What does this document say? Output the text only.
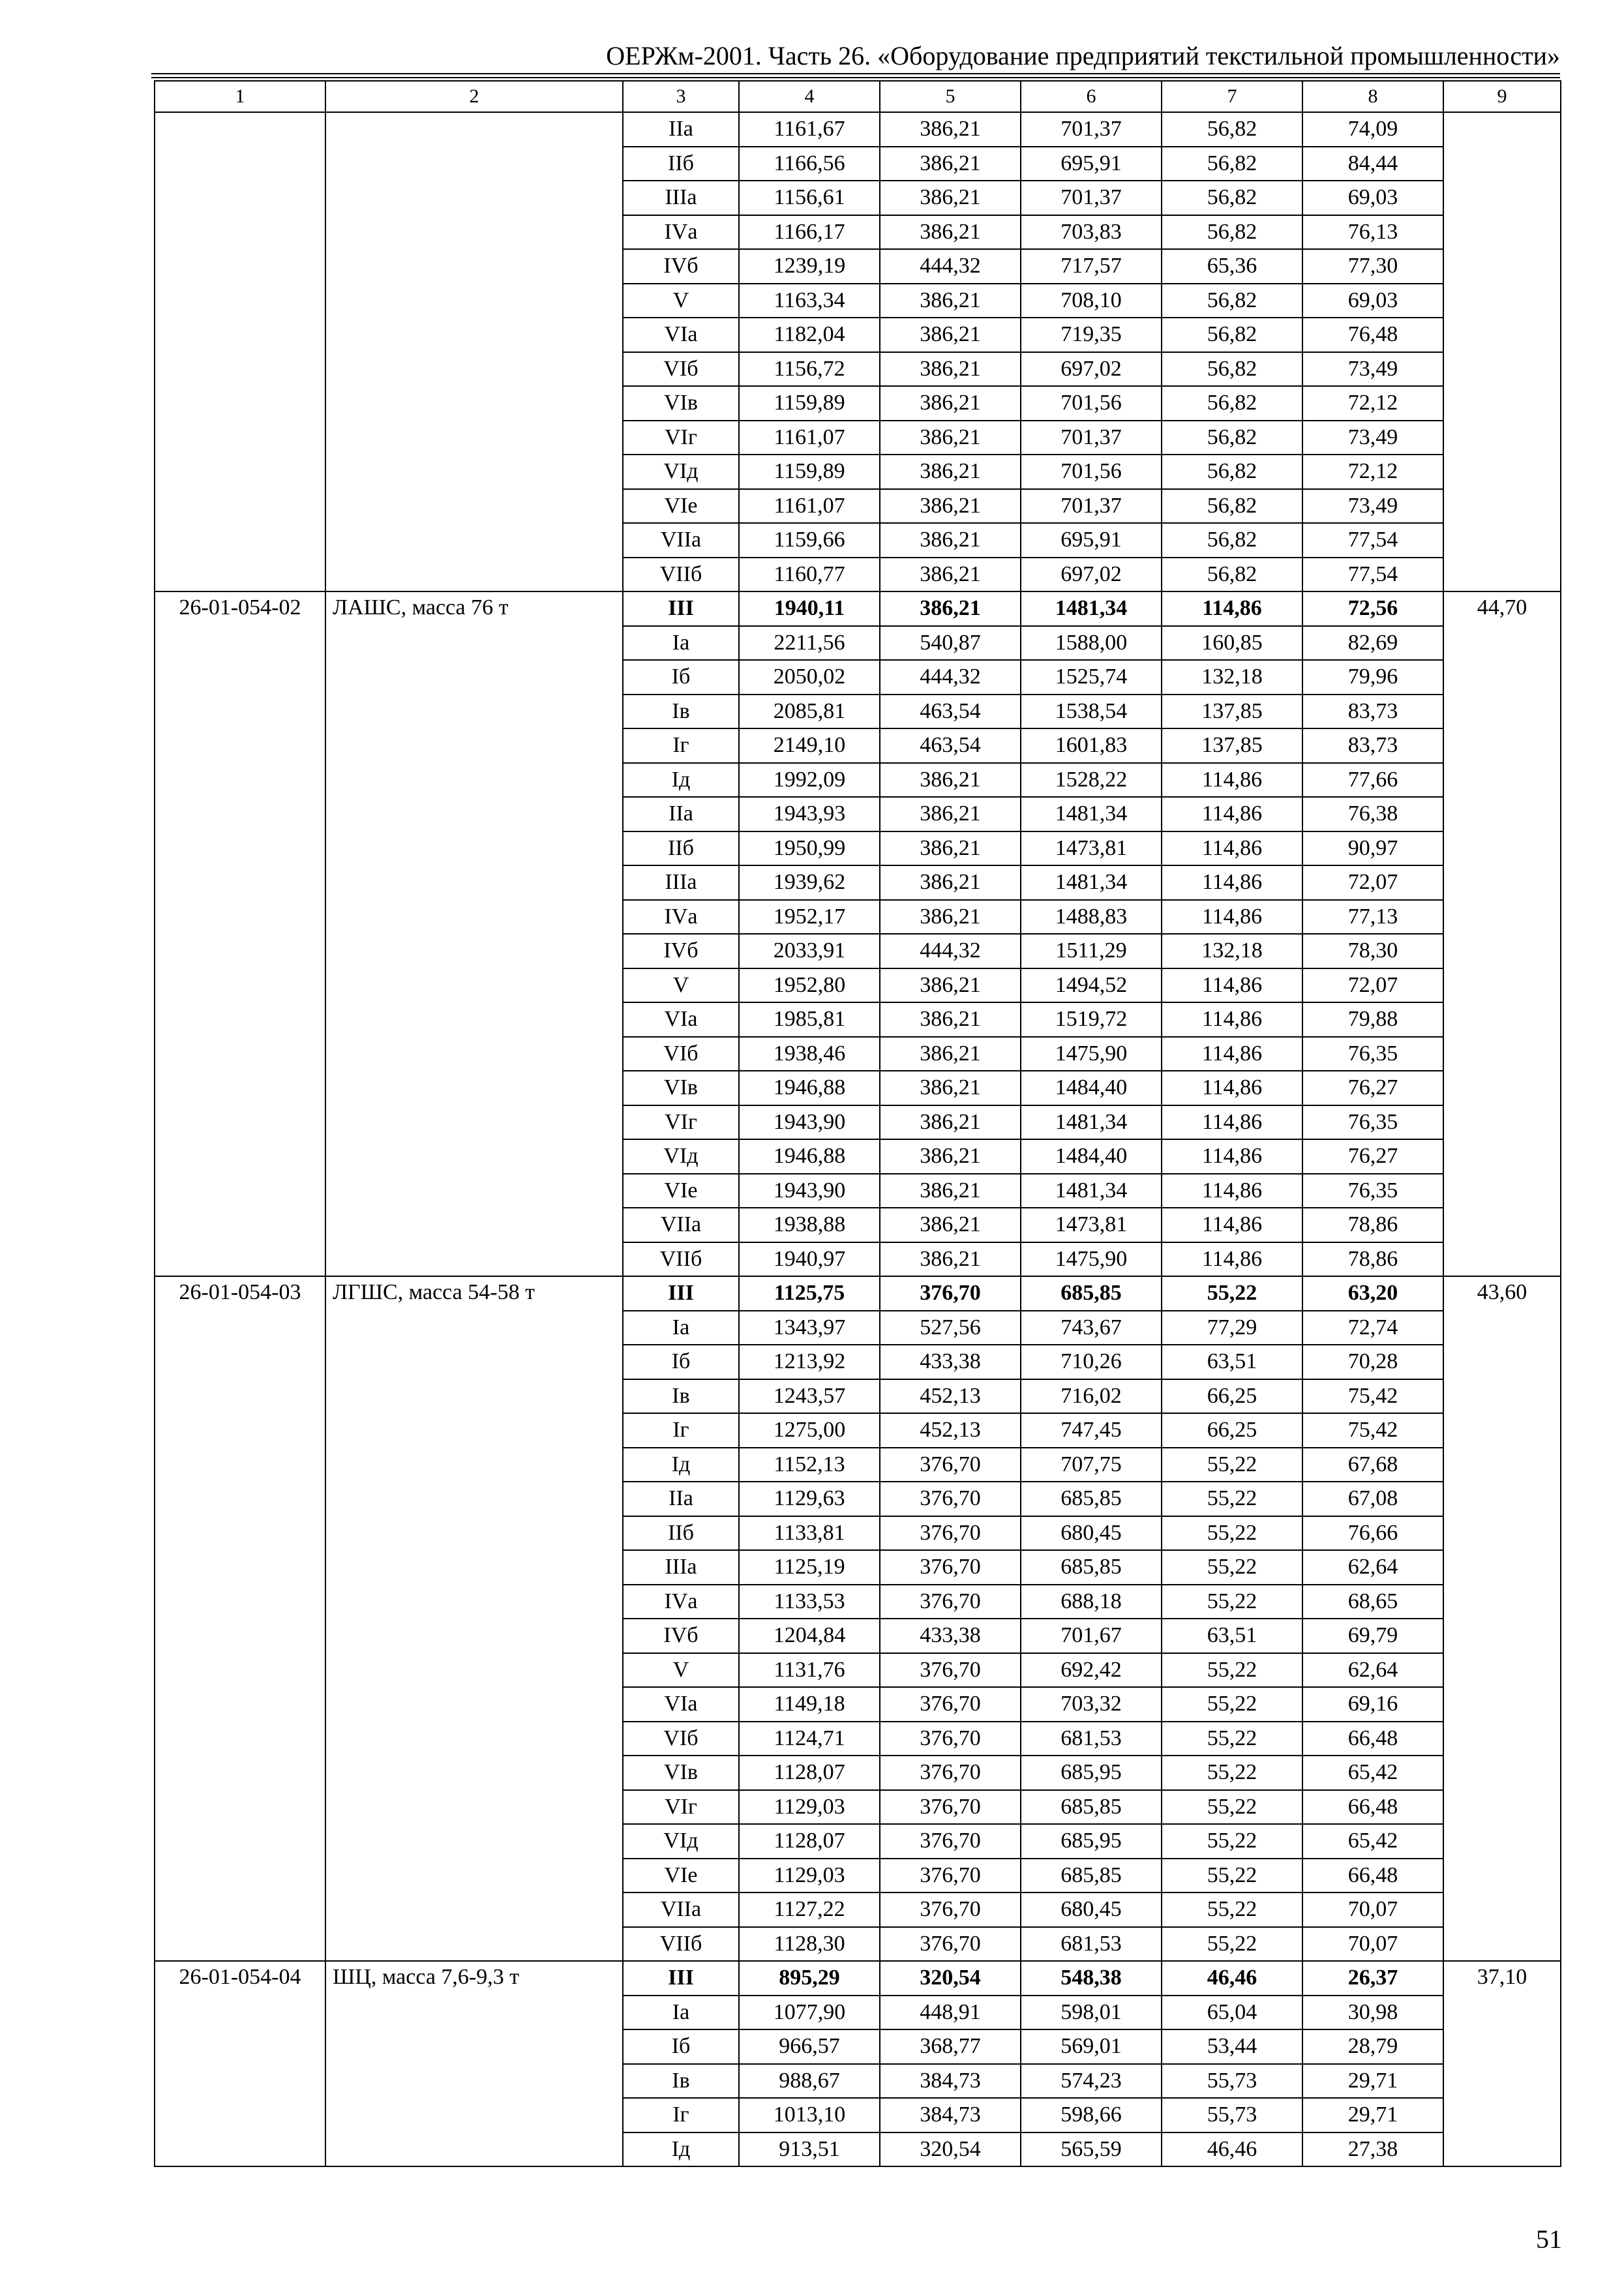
ОЕРЖм-2001. Часть 26. «Оборудование предприятий текстильной промышленности»
1	2	3	4	5	6	7	8	9
		IIа	1161,67	386,21	701,37	56,82	74,09	
		IIб	1166,56	386,21	695,91	56,82	84,44	
		IIIа	1156,61	386,21	701,37	56,82	69,03	
		IVа	1166,17	386,21	703,83	56,82	76,13	
		IVб	1239,19	444,32	717,57	65,36	77,30	
		V	1163,34	386,21	708,10	56,82	69,03	
		VIа	1182,04	386,21	719,35	56,82	76,48	
		VIб	1156,72	386,21	697,02	56,82	73,49	
		VIв	1159,89	386,21	701,56	56,82	72,12	
		VIг	1161,07	386,21	701,37	56,82	73,49	
		VIд	1159,89	386,21	701,56	56,82	72,12	
		VIе	1161,07	386,21	701,37	56,82	73,49	
		VIIа	1159,66	386,21	695,91	56,82	77,54	
		VIIб	1160,77	386,21	697,02	56,82	77,54	
26-01-054-02	ЛАШС, масса 76 т	III	1940,11	386,21	1481,34	114,86	72,56	44,70
		Iа	2211,56	540,87	1588,00	160,85	82,69	
		Iб	2050,02	444,32	1525,74	132,18	79,96	
		Iв	2085,81	463,54	1538,54	137,85	83,73	
		Iг	2149,10	463,54	1601,83	137,85	83,73	
		Iд	1992,09	386,21	1528,22	114,86	77,66	
		IIа	1943,93	386,21	1481,34	114,86	76,38	
		IIб	1950,99	386,21	1473,81	114,86	90,97	
		IIIа	1939,62	386,21	1481,34	114,86	72,07	
		IVа	1952,17	386,21	1488,83	114,86	77,13	
		IVб	2033,91	444,32	1511,29	132,18	78,30	
		V	1952,80	386,21	1494,52	114,86	72,07	
		VIа	1985,81	386,21	1519,72	114,86	79,88	
		VIб	1938,46	386,21	1475,90	114,86	76,35	
		VIв	1946,88	386,21	1484,40	114,86	76,27	
		VIг	1943,90	386,21	1481,34	114,86	76,35	
		VIд	1946,88	386,21	1484,40	114,86	76,27	
		VIе	1943,90	386,21	1481,34	114,86	76,35	
		VIIа	1938,88	386,21	1473,81	114,86	78,86	
		VIIб	1940,97	386,21	1475,90	114,86	78,86	
26-01-054-03	ЛГШС, масса 54-58 т	III	1125,75	376,70	685,85	55,22	63,20	43,60
		Iа	1343,97	527,56	743,67	77,29	72,74	
		Iб	1213,92	433,38	710,26	63,51	70,28	
		Iв	1243,57	452,13	716,02	66,25	75,42	
		Iг	1275,00	452,13	747,45	66,25	75,42	
		Iд	1152,13	376,70	707,75	55,22	67,68	
		IIа	1129,63	376,70	685,85	55,22	67,08	
		IIб	1133,81	376,70	680,45	55,22	76,66	
		IIIа	1125,19	376,70	685,85	55,22	62,64	
		IVа	1133,53	376,70	688,18	55,22	68,65	
		IVб	1204,84	433,38	701,67	63,51	69,79	
		V	1131,76	376,70	692,42	55,22	62,64	
		VIа	1149,18	376,70	703,32	55,22	69,16	
		VIб	1124,71	376,70	681,53	55,22	66,48	
		VIв	1128,07	376,70	685,95	55,22	65,42	
		VIг	1129,03	376,70	685,85	55,22	66,48	
		VIд	1128,07	376,70	685,95	55,22	65,42	
		VIе	1129,03	376,70	685,85	55,22	66,48	
		VIIа	1127,22	376,70	680,45	55,22	70,07	
		VIIб	1128,30	376,70	681,53	55,22	70,07	
26-01-054-04	ШЦ, масса 7,6-9,3 т	III	895,29	320,54	548,38	46,46	26,37	37,10
		Iа	1077,90	448,91	598,01	65,04	30,98	
		Iб	966,57	368,77	569,01	53,44	28,79	
		Iв	988,67	384,73	574,23	55,73	29,71	
		Iг	1013,10	384,73	598,66	55,73	29,71	
		Iд	913,51	320,54	565,59	46,46	27,38	
51
